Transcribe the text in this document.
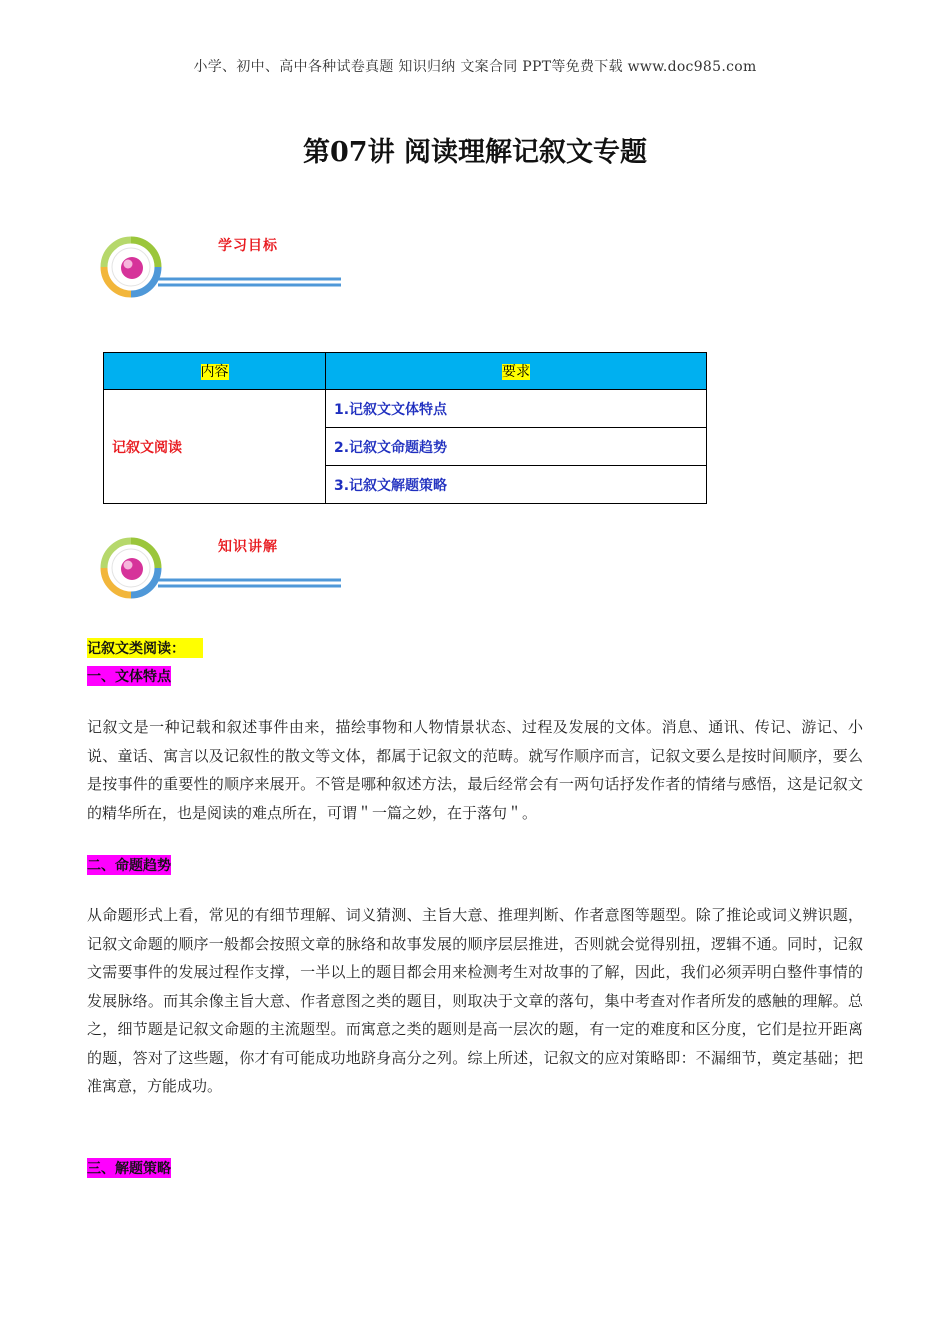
小学、初中、高中各种试卷真题 知识归纳 文案合同 PPT等免费下载 www.doc985.com
第07讲 阅读理解记叙文专题
学习目标
内容	要求
记叙文阅读	1.记叙文文体特点
	2.记叙文命题趋势
	3.记叙文解题策略
知识讲解
记叙文类阅读：
一、文体特点
记叙文是一种记载和叙述事件由来，描绘事物和人物情景状态、过程及发展的文体。消息、通讯、传记、游记、小说、童话、寓言以及记叙性的散文等文体，都属于记叙文的范畴。就写作顺序而言，记叙文要么是按时间顺序，要么是按事件的重要性的顺序来展开。不管是哪种叙述方法，最后经常会有一两句话抒发作者的情绪与感悟，这是记叙文的精华所在，也是阅读的难点所在，可谓＂一篇之妙，在于落句＂。
二、命题趋势
从命题形式上看，常见的有细节理解、词义猜测、主旨大意、推理判断、作者意图等题型。除了推论或词义辨识题，记叙文命题的顺序一般都会按照文章的脉络和故事发展的顺序层层推进，否则就会觉得别扭，逻辑不通。同时，记叙文需要事件的发展过程作支撑，一半以上的题目都会用来检测考生对故事的了解，因此，我们必须弄明白整件事情的发展脉络。而其余像主旨大意、作者意图之类的题目，则取决于文章的落句，集中考查对作者所发的感触的理解。总之，细节题是记叙文命题的主流题型。而寓意之类的题则是高一层次的题，有一定的难度和区分度，它们是拉开距离的题，答对了这些题，你才有可能成功地跻身高分之列。综上所述，记叙文的应对策略即：不漏细节，奠定基础；把准寓意，方能成功。
三、解题策略
